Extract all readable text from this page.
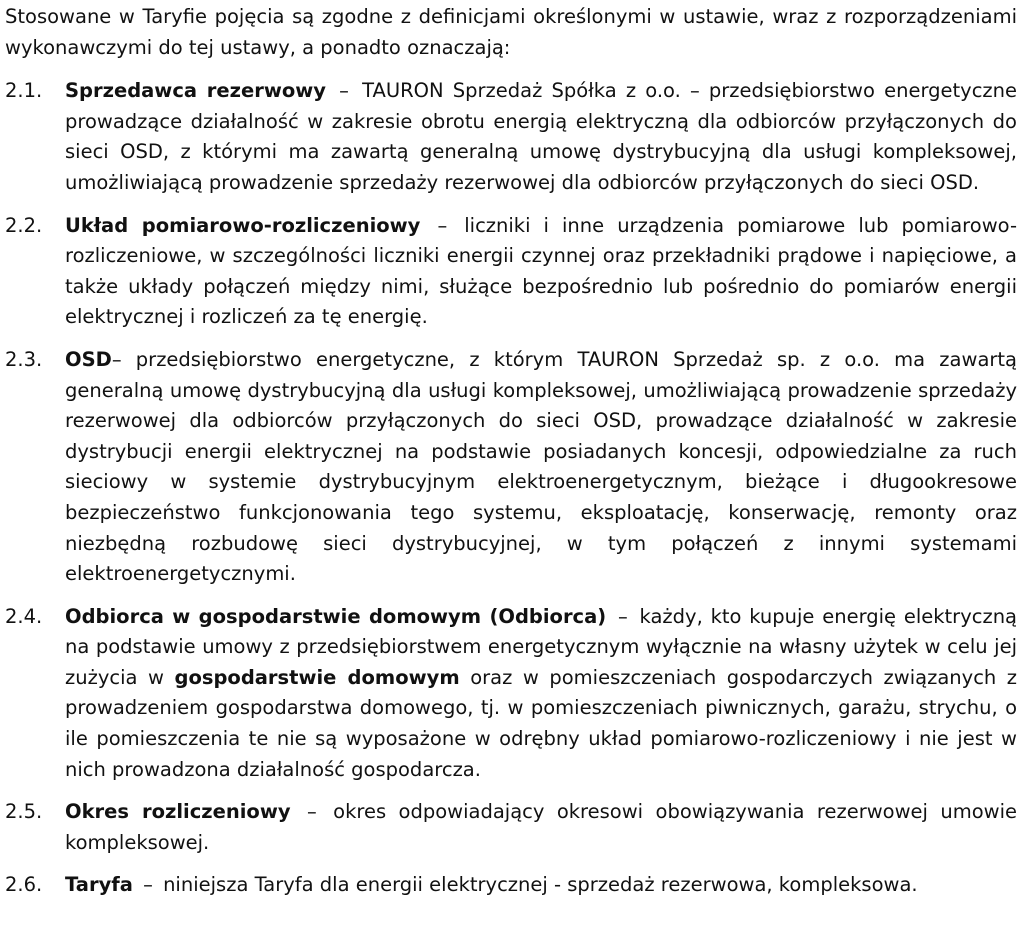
Stosowane w Taryfie pojęcia są zgodne z definicjami określonymi w ustawie, wraz z rozporządzeniami wykonawczymi do tej ustawy, a ponadto oznaczają:

2.1.	Sprzedawca rezerwowy – TAURON Sprzedaż Spółka z o.o. – przedsiębiorstwo energetyczne prowadzące działalność w zakresie obrotu energią elektryczną dla odbiorców przyłączonych do sieci OSD, z którymi ma zawartą generalną umowę dystrybucyjną dla usługi kompleksowej, umożliwiającą prowadzenie sprzedaży rezerwowej dla odbiorców przyłączonych do sieci OSD.
2.2.	Układ pomiarowo-rozliczeniowy – liczniki i inne urządzenia pomiarowe lub pomiarowo-rozliczeniowe, w szczególności liczniki energii czynnej oraz przekładniki prądowe i napięciowe, a także układy połączeń między nimi, służące bezpośrednio lub pośrednio do pomiarów energii elektrycznej i rozliczeń za tę energię.
2.3.	OSD– przedsiębiorstwo energetyczne, z którym TAURON Sprzedaż sp. z o.o. ma zawartą generalną umowę dystrybucyjną dla usługi kompleksowej, umożliwiającą prowadzenie sprzedaży rezerwowej dla odbiorców przyłączonych do sieci OSD, prowadzące działalność w zakresie dystrybucji energii elektrycznej na podstawie posiadanych koncesji, odpowiedzialne za ruch sieciowy w systemie dystrybucyjnym elektroenergetycznym, bieżące i długookresowe bezpieczeństwo funkcjonowania tego systemu, eksploatację, konserwację, remonty oraz niezbędną rozbudowę sieci dystrybucyjnej, w tym połączeń z innymi systemami elektroenergetycznymi.
2.4.	Odbiorca w gospodarstwie domowym (Odbiorca) – każdy, kto kupuje energię elektryczną na podstawie umowy z przedsiębiorstwem energetycznym wyłącznie na własny użytek w celu jej zużycia w gospodarstwie domowym oraz w pomieszczeniach gospodarczych związanych z prowadzeniem gospodarstwa domowego, tj. w pomieszczeniach piwnicznych, garażu, strychu, o ile pomieszczenia te nie są wyposażone w odrębny układ pomiarowo-rozliczeniowy i nie jest w nich prowadzona działalność gospodarcza.
2.5.	Okres rozliczeniowy – okres odpowiadający okresowi obowiązywania rezerwowej umowie kompleksowej.
2.6.	Taryfa – niniejsza Taryfa dla energii elektrycznej - sprzedaż rezerwowa, kompleksowa.
